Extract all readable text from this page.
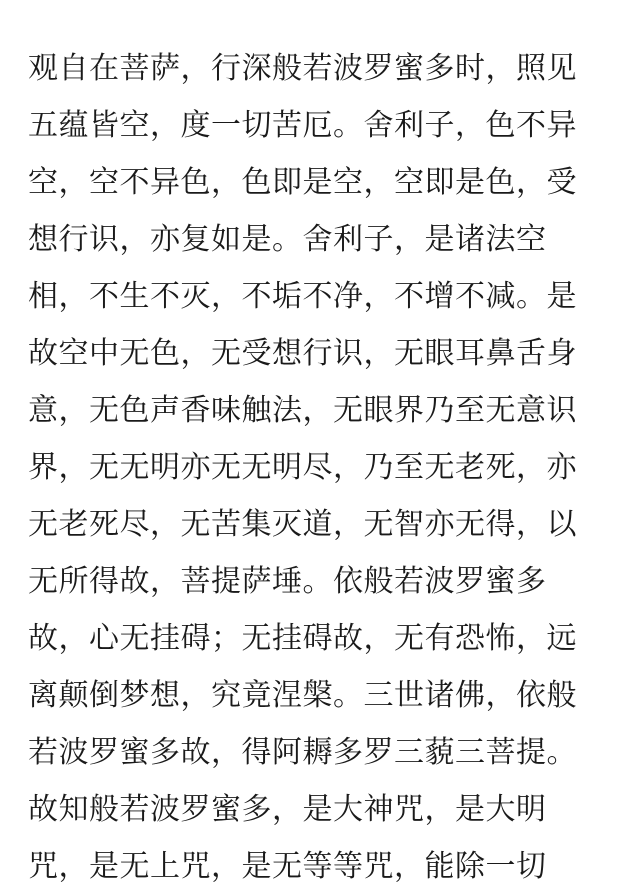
观自在菩萨，行深般若波罗蜜多时，照见
五蕴皆空，度一切苦厄。舍利子，色不异
空，空不异色，色即是空，空即是色，受
想行识，亦复如是。舍利子，是诸法空
相，不生不灭，不垢不净，不增不减。是
故空中无色，无受想行识，无眼耳鼻舌身
意，无色声香味触法，无眼界乃至无意识
界，无无明亦无无明尽，乃至无老死，亦
无老死尽，无苦集灭道，无智亦无得，以
无所得故，菩提萨埵。依般若波罗蜜多
故，心无挂碍；无挂碍故，无有恐怖，远
离颠倒梦想，究竟涅槃。三世诸佛，依般
若波罗蜜多故，得阿耨多罗三藐三菩提。
故知般若波罗蜜多，是大神咒，是大明
咒，是无上咒，是无等等咒，能除一切
